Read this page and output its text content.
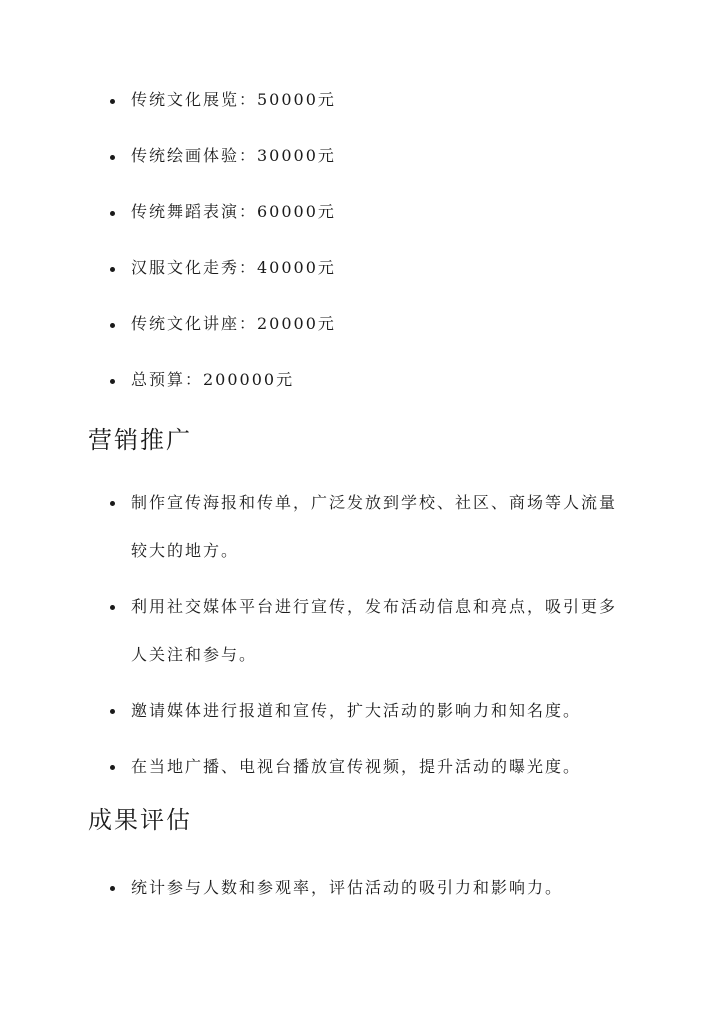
传统文化展览：50000元
传统绘画体验：30000元
传统舞蹈表演：60000元
汉服文化走秀：40000元
传统文化讲座：20000元
总预算：200000元
营销推广
制作宣传海报和传单，广泛发放到学校、社区、商场等人流量较大的地方。
利用社交媒体平台进行宣传，发布活动信息和亮点，吸引更多人关注和参与。
邀请媒体进行报道和宣传，扩大活动的影响力和知名度。
在当地广播、电视台播放宣传视频，提升活动的曝光度。
成果评估
统计参与人数和参观率，评估活动的吸引力和影响力。
